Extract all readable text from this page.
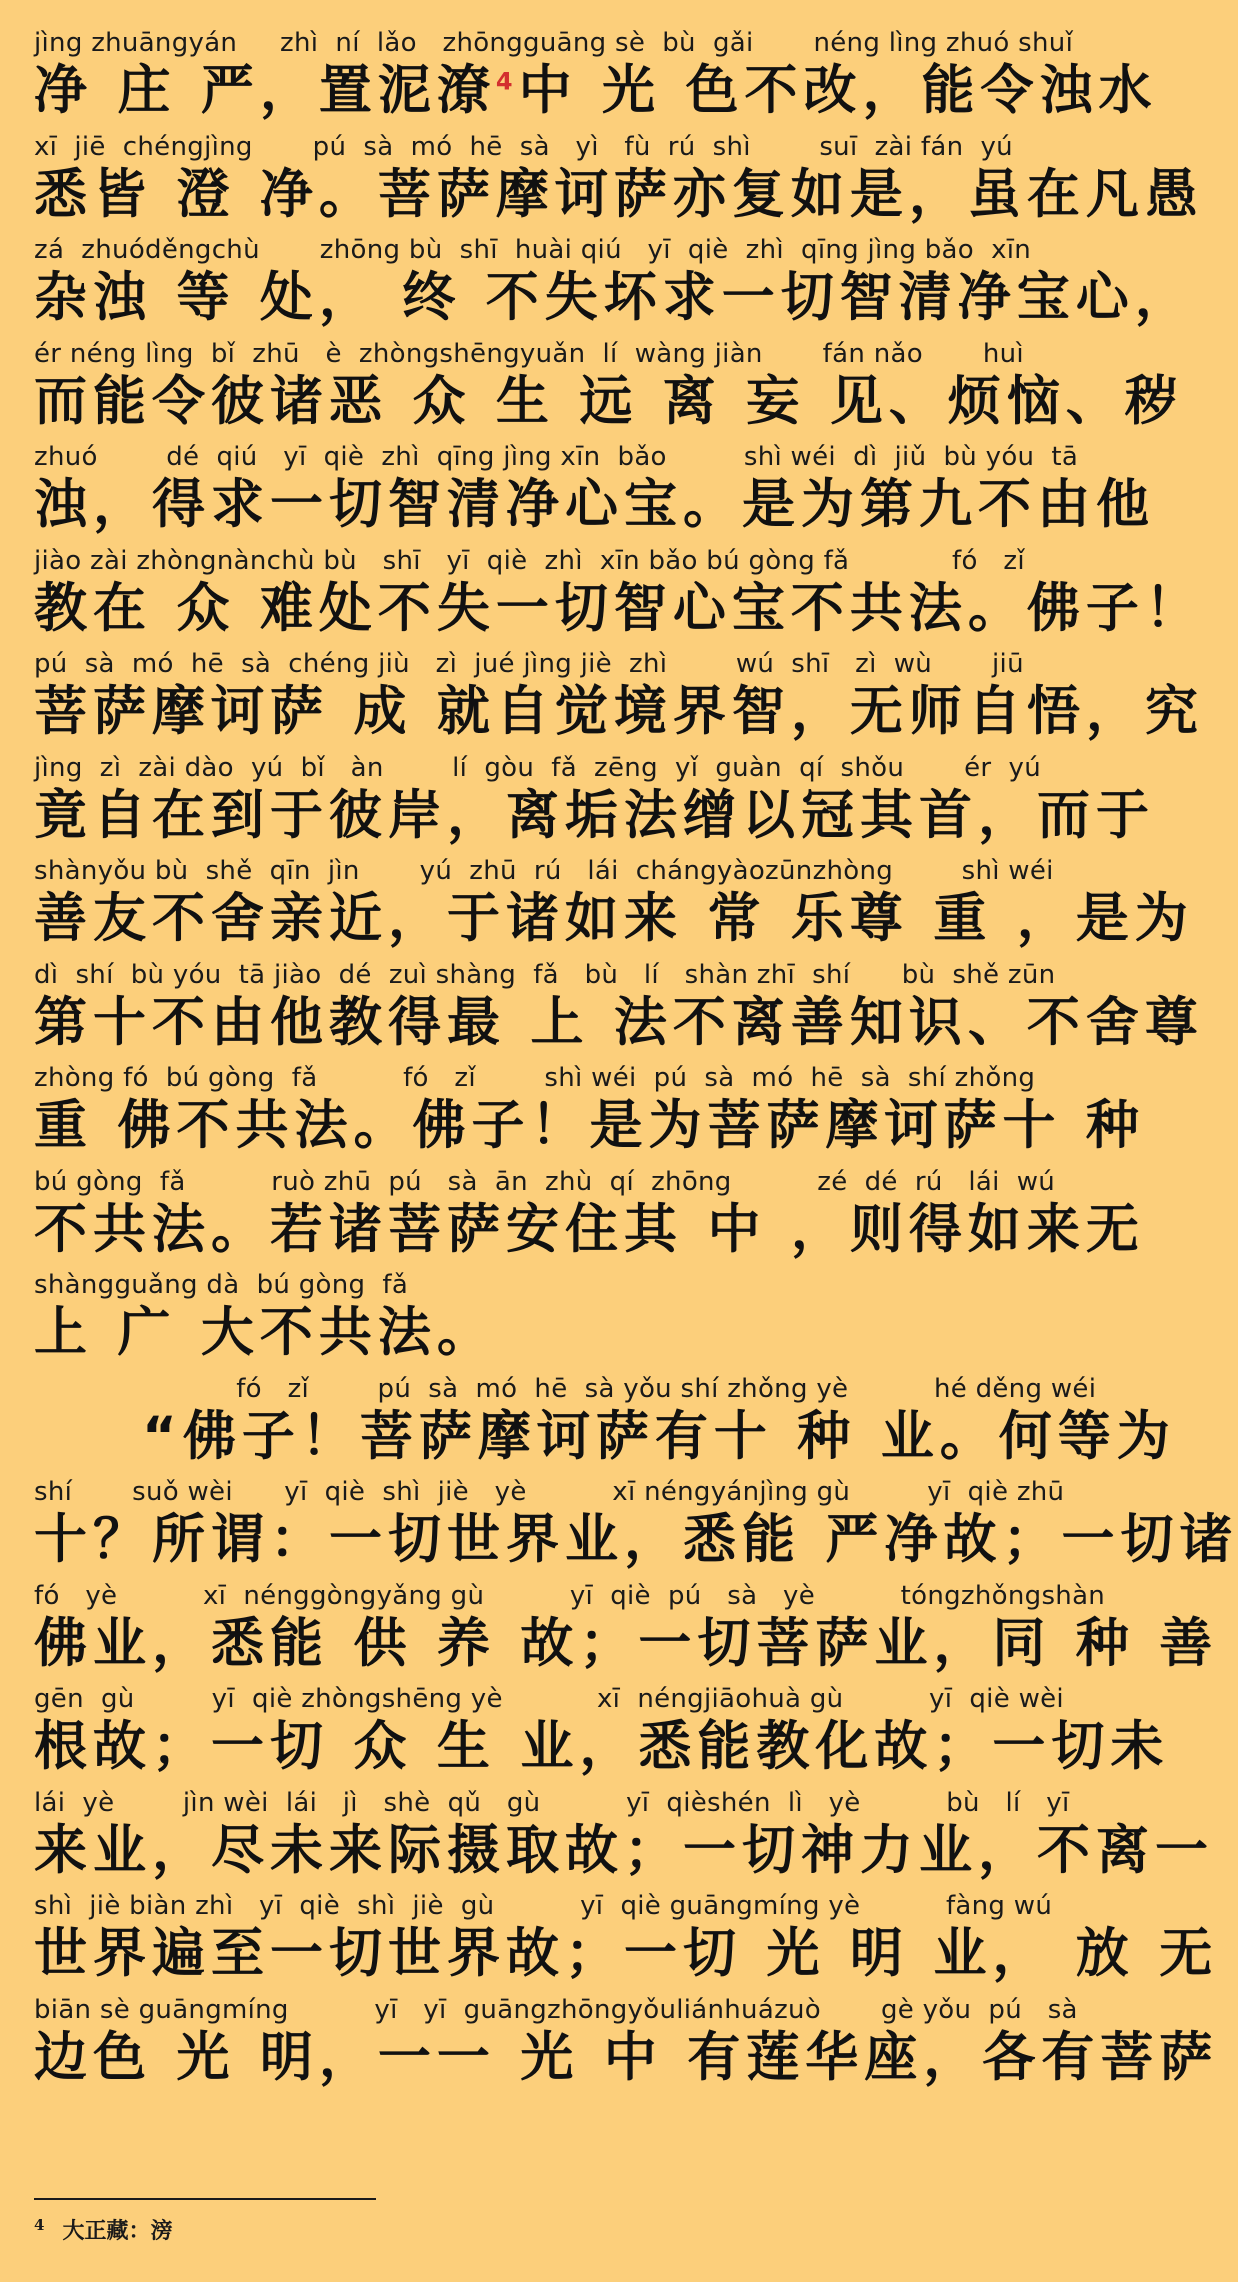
jìng zhuāngyán     zhì  ní  lǎo   zhōngguāng sè  bù  gǎi       néng lìng zhuó shuǐ
净 庄 严，置泥潦$^4$中 光 色不改，能令浊水
xī  jiē  chéngjìng       pú  sà  mó  hē  sà   yì   fù  rú  shì        suī  zài fán  yú
悉皆 澄 净。菩萨摩诃萨亦复如是，虽在凡愚
zá  zhuóděngchù       zhōng bù  shī  huài qiú   yī  qiè  zhì  qīng jìng bǎo  xīn
杂浊 等 处， 终 不失坏求一切智清净宝心，
ér néng lìng  bǐ  zhū   è  zhòngshēngyuǎn  lí  wàng jiàn       fán nǎo       huì
而能令彼诸恶 众 生 远 离 妄 见、烦恼、秽
zhuó        dé  qiú   yī  qiè  zhì  qīng jìng xīn  bǎo         shì wéi  dì  jiǔ  bù yóu  tā
浊，得求一切智清净心宝。是为第九不由他
jiào zài zhòngnànchù bù   shī   yī  qiè  zhì  xīn bǎo bú gòng fǎ            fó   zǐ
教在 众 难处不失一切智心宝不共法。佛子！
pú  sà  mó  hē  sà  chéng jiù   zì  jué jìng jiè  zhì        wú  shī   zì  wù       jiū
菩萨摩诃萨 成 就自觉境界智，无师自悟，究
jìng  zì  zài dào  yú  bǐ   àn        lí  gòu  fǎ  zēng  yǐ  guàn  qí  shǒu       ér  yú
竟自在到于彼岸，离垢法缯以冠其首，而于
shànyǒu bù  shě  qīn  jìn       yú  zhū  rú   lái  chángyàozūnzhòng        shì wéi
善友不舍亲近，于诸如来 常 乐尊 重 ，是为
dì  shí  bù yóu  tā jiào  dé  zuì shàng  fǎ   bù   lí   shàn zhī  shí      bù  shě zūn
第十不由他教得最 上 法不离善知识、不舍尊
zhòng fó  bú gòng  fǎ          fó   zǐ        shì wéi  pú  sà  mó  hē  sà  shí zhǒng
重 佛不共法。佛子！是为菩萨摩诃萨十 种
bú gòng  fǎ          ruò zhū  pú   sà  ān  zhù  qí  zhōng          zé  dé  rú   lái  wú
不共法。若诸菩萨安住其 中 ，则得如来无
shàngguǎng dà  bú gòng  fǎ
上 广 大不共法。
fó   zǐ        pú  sà  mó  hē  sà yǒu shí zhǒng yè          hé děng wéi
“佛子！菩萨摩诃萨有十 种 业。何等为
shí       suǒ wèi      yī  qiè  shì  jiè   yè          xī néngyánjìng gù         yī  qiè zhū
十？所谓：一切世界业，悉能 严净故；一切诸
fó   yè          xī  nénggòngyǎng gù          yī  qiè  pú   sà   yè          tóngzhǒngshàn
佛业，悉能 供 养 故；一切菩萨业，同 种 善
gēn  gù         yī  qiè zhòngshēng yè           xī  néngjiāohuà gù          yī  qiè wèi
根故；一切 众 生 业，悉能教化故；一切未
lái  yè        jìn wèi  lái   jì   shè  qǔ   gù          yī  qièshén  lì   yè          bù   lí   yī
来业，尽未来际摄取故；一切神力业，不离一
shì  jiè biàn zhì   yī  qiè  shì  jiè  gù          yī  qiè guāngmíng yè          fàng wú
世界遍至一切世界故；一切 光 明 业， 放 无
biān sè guāngmíng          yī   yī  guāngzhōngyǒuliánhuázuò       gè yǒu  pú   sà
边色 光 明，一一 光 中 有莲华座，各有菩萨
$^4$ 大正藏：滂
